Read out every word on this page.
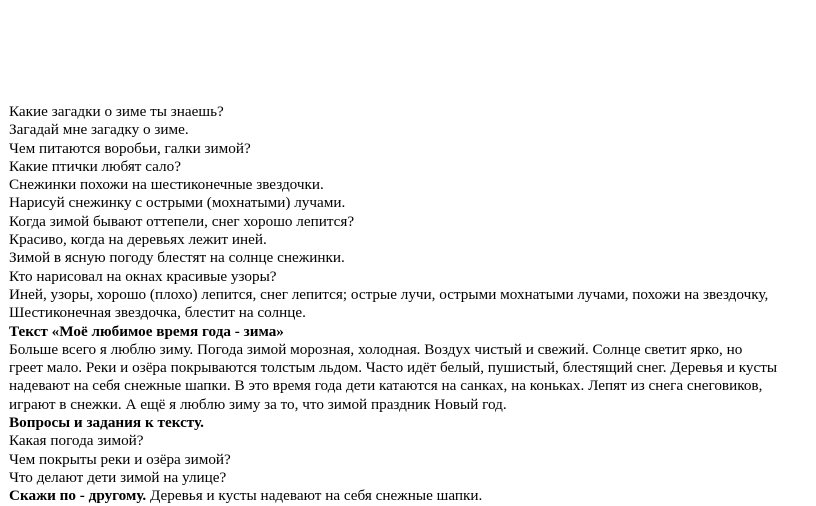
Какие загадки о зиме ты знаешь?
Загадай мне загадку о зиме.
Чем питаются воробьи, галки зимой?
Какие птички любят сало?
Снежинки похожи на шестиконечные звездочки.
Нарисуй снежинку с острыми (мохнатыми) лучами.
Когда зимой бывают оттепели, снег хорошо лепится?
Красиво, когда на деревьях лежит иней.
Зимой в ясную погоду блестят на солнце снежинки.
Кто нарисовал на окнах красивые узоры?
Иней, узоры, хорошо (плохо) лепится, снег лепится; острые лучи, острыми мохнатыми лучами, похожи на звездочку,
Шестиконечная звездочка, блестит на солнце.
Текст «Моё любимое время года - зима»
Больше всего я люблю зиму. Погода зимой морозная, холодная. Воздух чистый и свежий. Солнце светит ярко, но
греет мало. Реки и озёра покрываются толстым льдом. Часто идёт белый, пушистый, блестящий снег. Деревья и кусты
надевают на себя снежные шапки. В это время года дети катаются на санках, на коньках. Лепят из снега снеговиков,
играют в снежки. А ещё я люблю зиму за то, что зимой праздник Новый год.
Вопросы и задания к тексту.
Какая погода зимой?
Чем покрыты реки и озёра зимой?
Что делают дети зимой на улице?
Скажи по - другому. Деревья и кусты надевают на себя снежные шапки.
